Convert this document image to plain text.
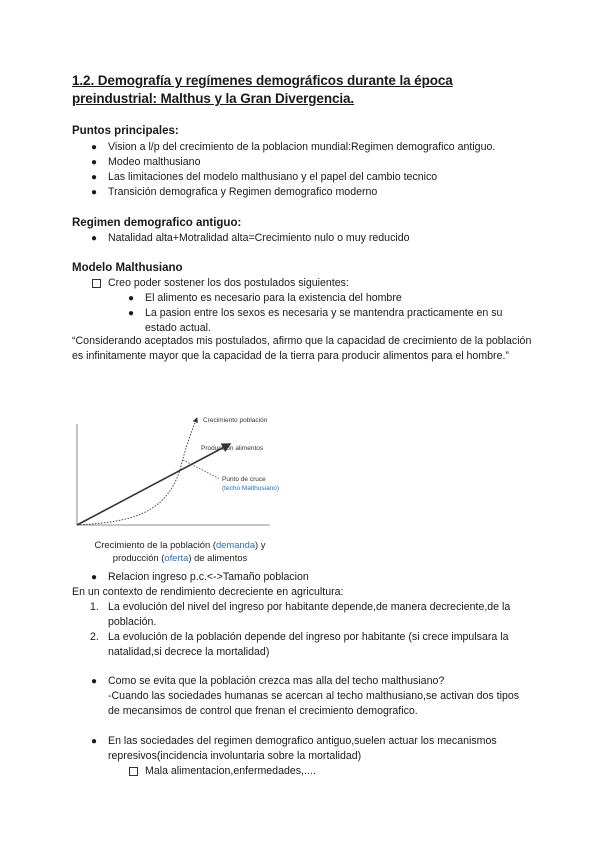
1.2. Demografía y regímenes demográficos durante la época preindustrial: Malthus y la Gran Divergencia.
Puntos principales:
● Vision a l/p del crecimiento de la poblacion mundial:Regimen demografico antiguo.
● Modeo malthusiano
● Las limitaciones del modelo malthusiano y el papel del cambio tecnico
● Transición demografica y Regimen demografico moderno
Regimen demografico antiguo:
● Natalidad alta+Motralidad alta=Crecimiento nulo o muy reducido
Modelo Malthusiano
Creo poder sostener los dos postulados siguientes:
● El alimento es necesario para la existencia del hombre
● La pasion entre los sexos es necesaria y se mantendra practicamente en su estado actual.
“Considerando aceptados mis postulados, afirmo que la capacidad de crecimiento de la población es infinitamente mayor que la capacidad de la tierra para producir alimentos para el hombre.”
Crecimiento población
Producción alimentos
Punto de cruce
(techo Malthusiano)
Crecimiento de la población (demanda) y producción (oferta) de alimentos
● Relacion ingreso p.c.<->Tamaño poblacion
En un contexto de rendimiento decreciente en agricultura:
1. La evolución del nivel del ingreso por habitante depende,de manera decreciente,de la población.
2. La evolución de la población depende del ingreso por habitante (si crece impulsara la natalidad,si decrece la mortalidad)
● Como se evita que la población crezca mas alla del techo malthusiano?
-Cuando las sociedades humanas se acercan al techo malthusiano,se activan dos tipos de mecansimos de control que frenan el crecimiento demografico.
● En las sociedades del regimen demografico antiguo,suelen actuar los mecanismos represivos(incidencia involuntaria sobre la mortalidad)
Mala alimentacion,enfermedades,....
